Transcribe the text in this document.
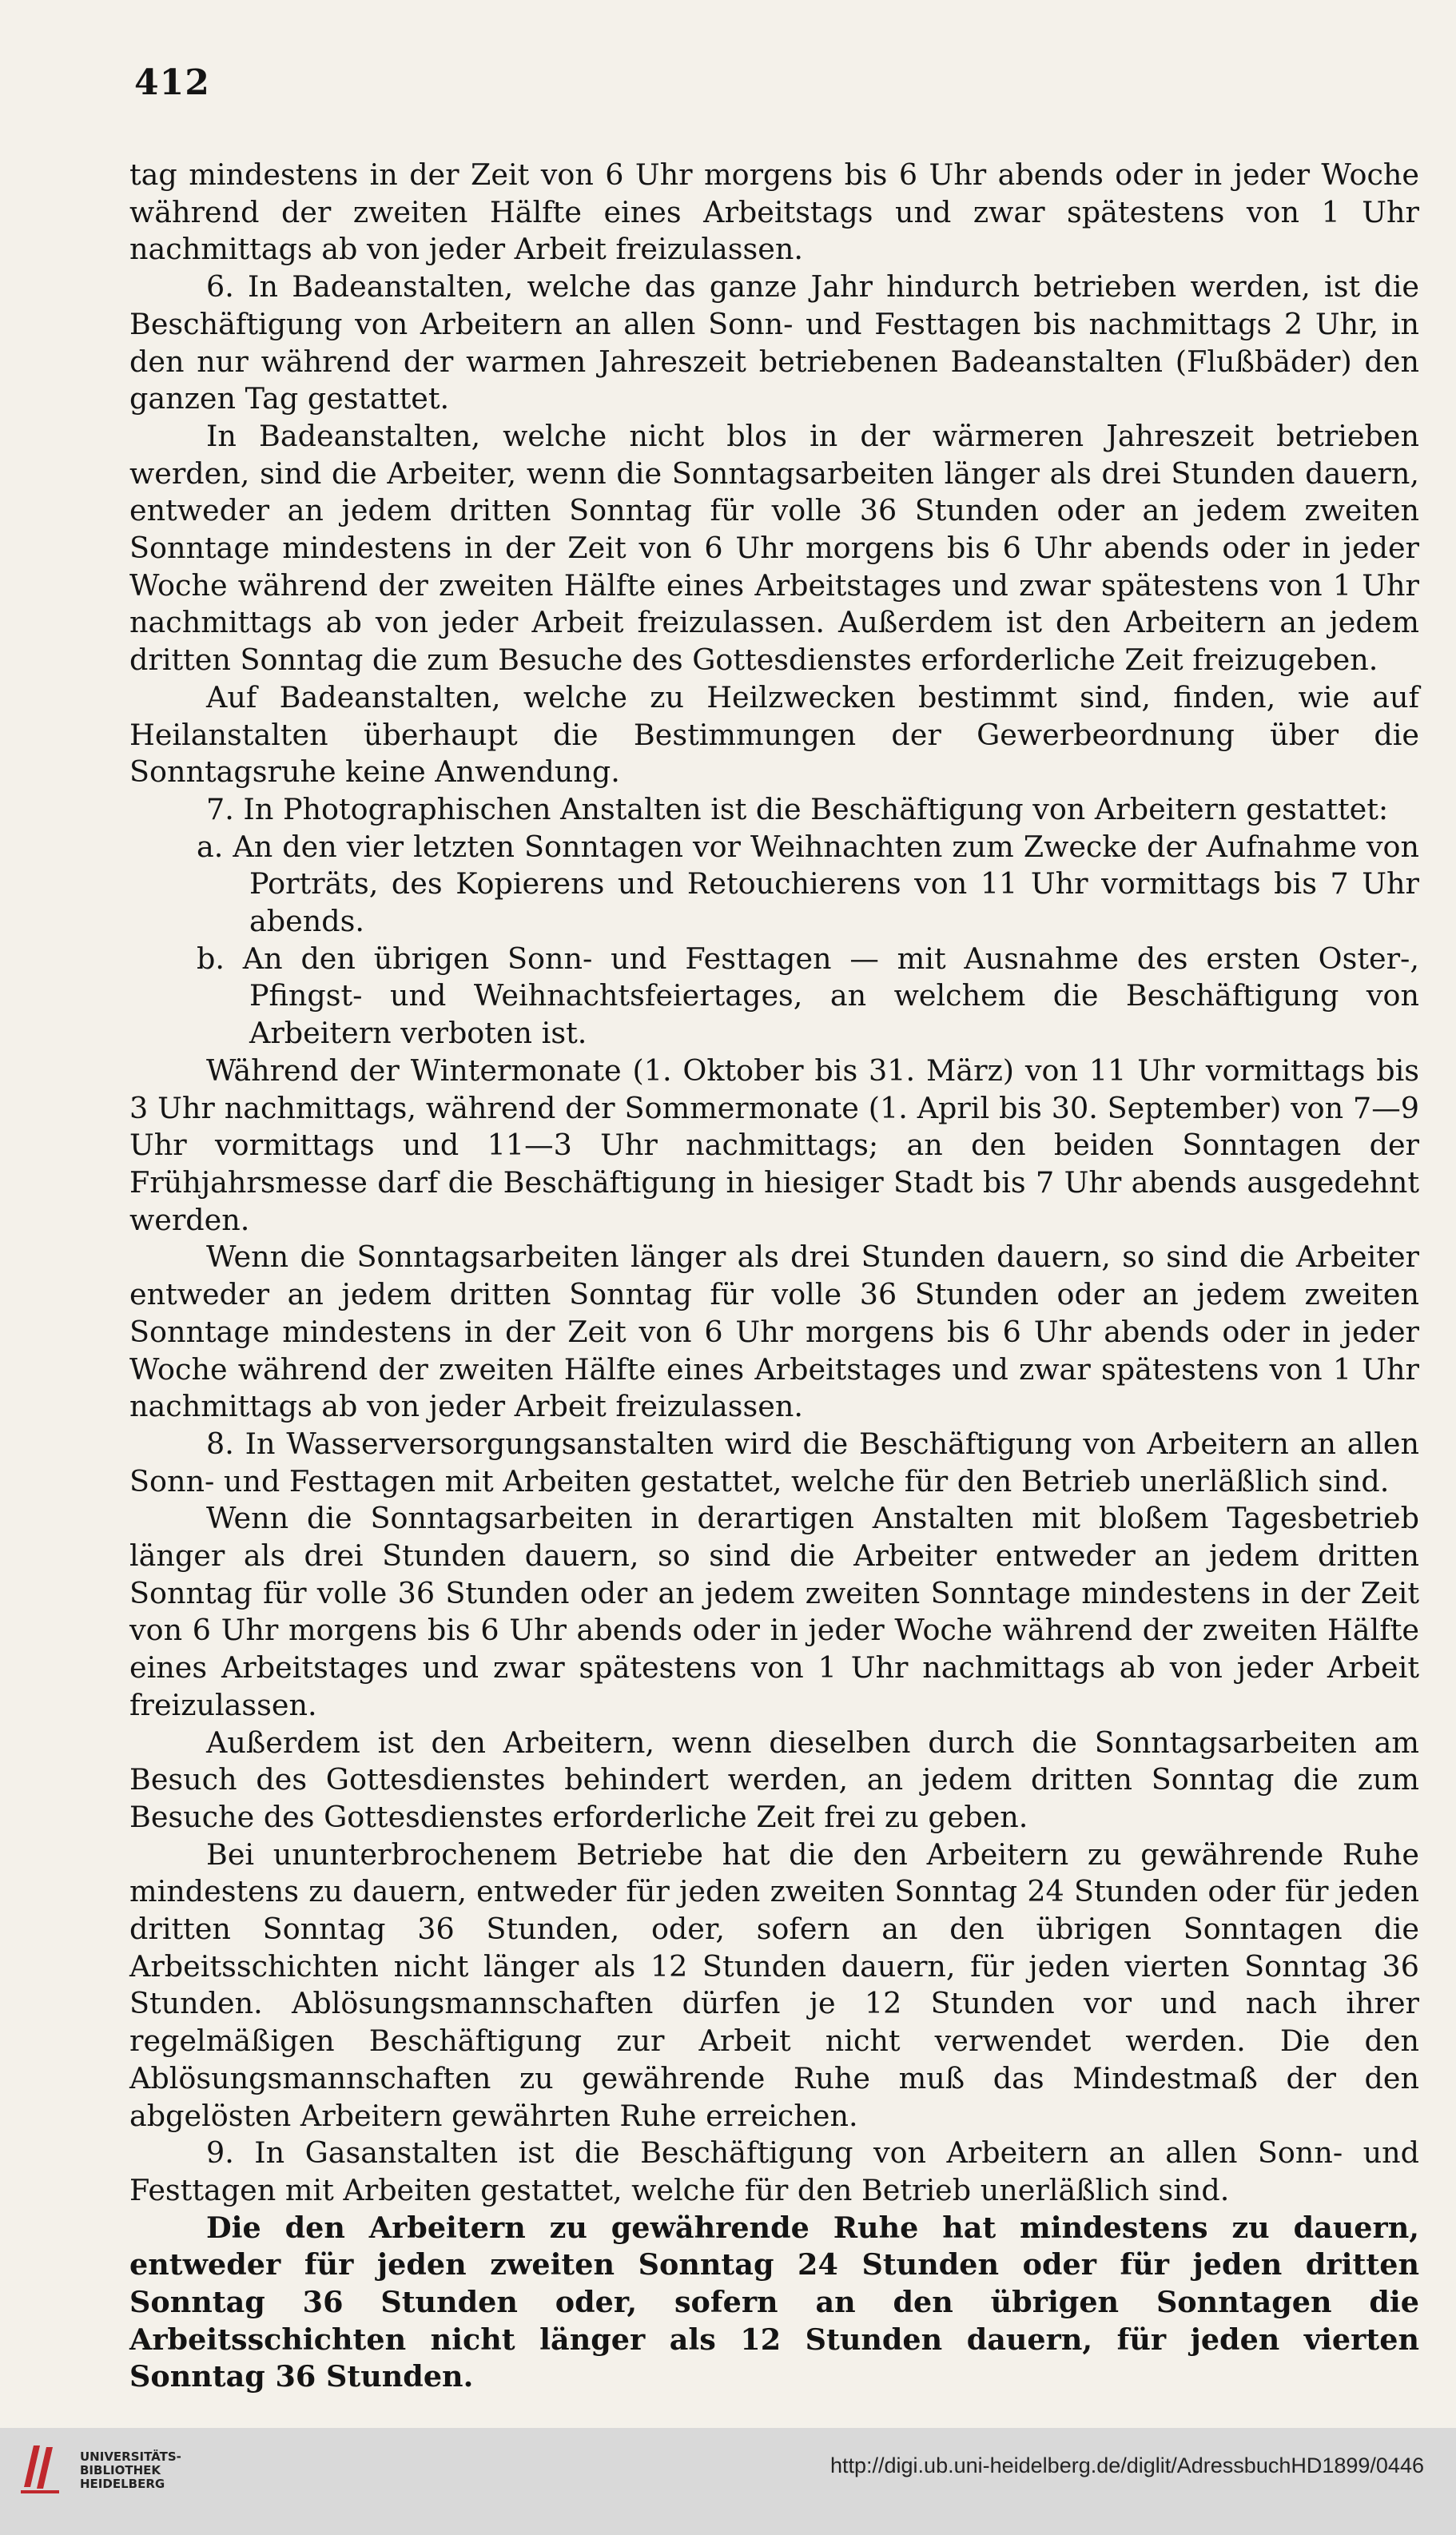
412

tag mindestens in der Zeit von 6 Uhr morgens bis 6 Uhr abends oder in jeder Woche während der zweiten Hälfte eines Arbeitstags und zwar spätestens von 1 Uhr nachmittags ab von jeder Arbeit freizulassen.

6. In Badeanstalten, welche das ganze Jahr hindurch betrieben werden, ist die Beschäftigung von Arbeitern an allen Sonn- und Festtagen bis nachmittags 2 Uhr, in den nur während der warmen Jahreszeit betriebenen Badeanstalten (Flußbäder) den ganzen Tag gestattet.

In Badeanstalten, welche nicht blos in der wärmeren Jahreszeit betrieben werden, sind die Arbeiter, wenn die Sonntagsarbeiten länger als drei Stunden dauern, entweder an jedem dritten Sonntag für volle 36 Stunden oder an jedem zweiten Sonntage mindestens in der Zeit von 6 Uhr morgens bis 6 Uhr abends oder in jeder Woche während der zweiten Hälfte eines Arbeitstages und zwar spätestens von 1 Uhr nachmittags ab von jeder Arbeit freizulassen. Außerdem ist den Arbeitern an jedem dritten Sonntag die zum Besuche des Gottesdienstes erforderliche Zeit freizugeben.

Auf Badeanstalten, welche zu Heilzwecken bestimmt sind, finden, wie auf Heilanstalten überhaupt die Bestimmungen der Gewerbeordnung über die Sonntagsruhe keine Anwendung.

7. In Photographischen Anstalten ist die Beschäftigung von Arbeitern gestattet:

a. An den vier letzten Sonntagen vor Weihnachten zum Zwecke der Aufnahme von Porträts, des Kopierens und Retouchierens von 11 Uhr vormittags bis 7 Uhr abends.

b. An den übrigen Sonn- und Festtagen — mit Ausnahme des ersten Oster-, Pfingst- und Weihnachtsfeiertages, an welchem die Beschäftigung von Arbeitern verboten ist.

Während der Wintermonate (1. Oktober bis 31. März) von 11 Uhr vormittags bis 3 Uhr nachmittags, während der Sommermonate (1. April bis 30. September) von 7—9 Uhr vormittags und 11—3 Uhr nachmittags; an den beiden Sonntagen der Frühjahrsmesse darf die Beschäftigung in hiesiger Stadt bis 7 Uhr abends ausgedehnt werden.

Wenn die Sonntagsarbeiten länger als drei Stunden dauern, so sind die Arbeiter entweder an jedem dritten Sonntag für volle 36 Stunden oder an jedem zweiten Sonntage mindestens in der Zeit von 6 Uhr morgens bis 6 Uhr abends oder in jeder Woche während der zweiten Hälfte eines Arbeitstages und zwar spätestens von 1 Uhr nachmittags ab von jeder Arbeit freizulassen.

8. In Wasserversorgungsanstalten wird die Beschäftigung von Arbeitern an allen Sonn- und Festtagen mit Arbeiten gestattet, welche für den Betrieb unerläßlich sind.

Wenn die Sonntagsarbeiten in derartigen Anstalten mit bloßem Tagesbetrieb länger als drei Stunden dauern, so sind die Arbeiter entweder an jedem dritten Sonntag für volle 36 Stunden oder an jedem zweiten Sonntage mindestens in der Zeit von 6 Uhr morgens bis 6 Uhr abends oder in jeder Woche während der zweiten Hälfte eines Arbeitstages und zwar spätestens von 1 Uhr nachmittags ab von jeder Arbeit freizulassen.

Außerdem ist den Arbeitern, wenn dieselben durch die Sonntagsarbeiten am Besuch des Gottesdienstes behindert werden, an jedem dritten Sonntag die zum Besuche des Gottesdienstes erforderliche Zeit frei zu geben.

Bei ununterbrochenem Betriebe hat die den Arbeitern zu gewährende Ruhe mindestens zu dauern, entweder für jeden zweiten Sonntag 24 Stunden oder für jeden dritten Sonntag 36 Stunden, oder, sofern an den übrigen Sonntagen die Arbeitsschichten nicht länger als 12 Stunden dauern, für jeden vierten Sonntag 36 Stunden. Ablösungsmannschaften dürfen je 12 Stunden vor und nach ihrer regelmäßigen Beschäftigung zur Arbeit nicht verwendet werden. Die den Ablösungsmannschaften zu gewährende Ruhe muß das Mindestmaß der den abgelösten Arbeitern gewährten Ruhe erreichen.

9. In Gasanstalten ist die Beschäftigung von Arbeitern an allen Sonn- und Festtagen mit Arbeiten gestattet, welche für den Betrieb unerläßlich sind.

Die den Arbeitern zu gewährende Ruhe hat mindestens zu dauern, entweder für jeden zweiten Sonntag 24 Stunden oder für jeden dritten Sonntag 36 Stunden oder, sofern an den übrigen Sonntagen die Arbeitsschichten nicht länger als 12 Stunden dauern, für jeden vierten Sonntag 36 Stunden.

UNIVERSITÄTS-
BIBLIOTHEK
HEIDELBERG
http://digi.ub.uni-heidelberg.de/diglit/AdressbuchHD1899/0446
